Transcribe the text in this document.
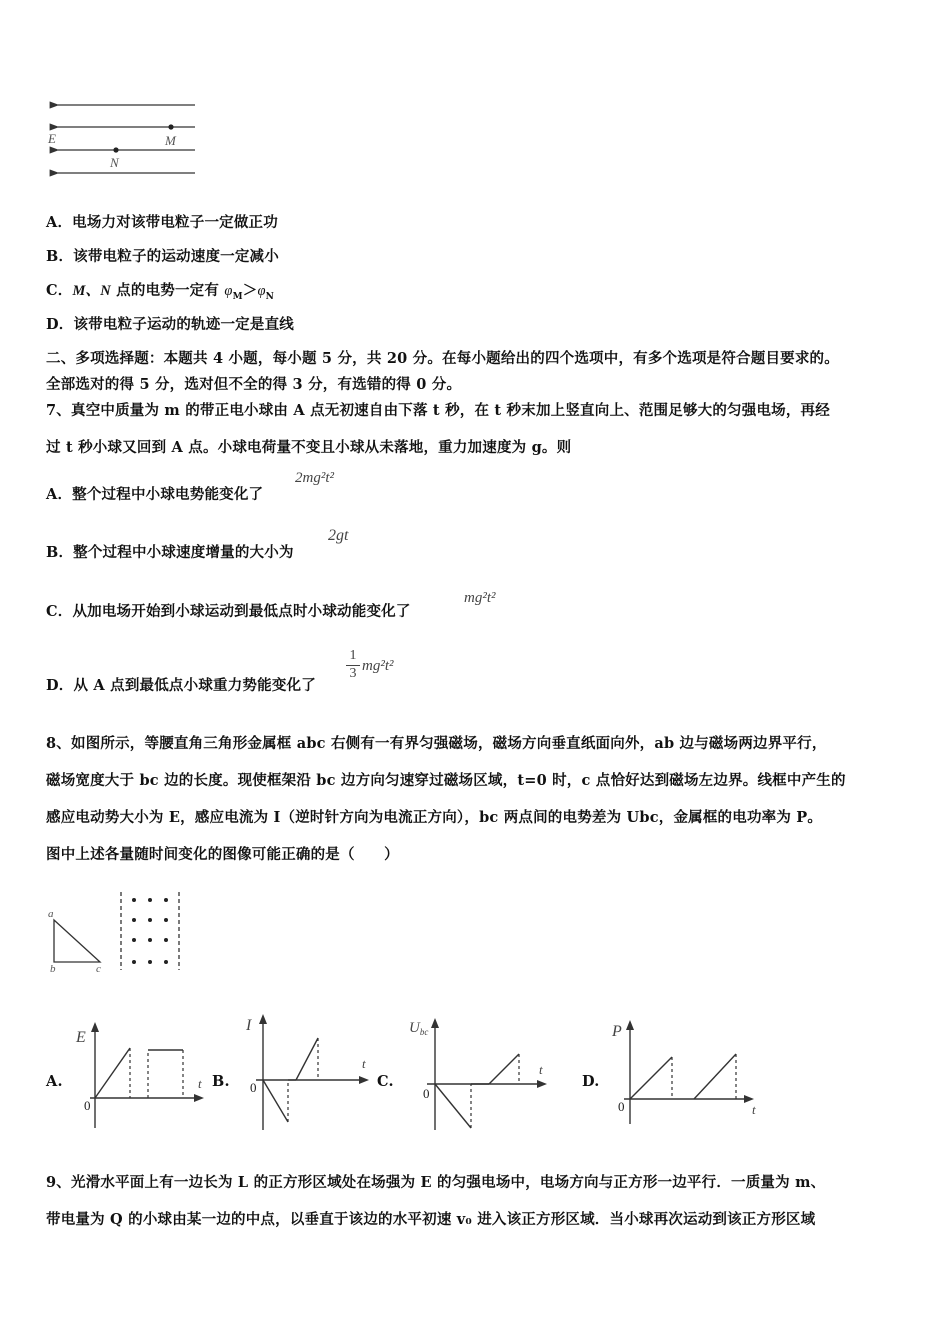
E	M
N
A．电场力对该带电粒子一定做正功
B．该带电粒子的运动速度一定减小
C．M、N 点的电势一定有 $\varphi_M>\varphi_N$
D．该带电粒子运动的轨迹一定是直线
二、多项选择题：本题共 4 小题，每小题 5 分，共 20 分。在每小题给出的四个选项中，有多个选项是符合题目要求的。
全部选对的得 5 分，选对但不全的得 3 分，有选错的得 0 分。
7、真空中质量为 m 的带正电小球由 A 点无初速自由下落 t 秒，在 t 秒末加上竖直向上、范围足够大的匀强电场，再经
过 t 秒小球又回到 A 点。小球电荷量不变且小球从未落地，重力加速度为 g。则
A．整个过程中小球电势能变化了
2mg²t²
B．整个过程中小球速度增量的大小为
2gt
C．从加电场开始到小球运动到最低点时小球动能变化了
mg²t²
D．从 A 点到最低点小球重力势能变化了
$\frac{1}{3} mg^2t^2$
8、如图所示，等腰直角三角形金属框 abc 右侧有一有界匀强磁场，磁场方向垂直纸面向外，ab 边与磁场两边界平行，
磁场宽度大于 bc 边的长度。现使框架沿 bc 边方向匀速穿过磁场区域，t=0 时，c 点恰好达到磁场左边界。线框中产生的
感应电动势大小为 E，感应电流为 I（逆时针方向为电流正方向），bc 两点间的电势差为 Ubc，金属框的电功率为 P。
图中上述各量随时间变化的图像可能正确的是（　　）
a
b	c
A.
E
t
0
B.
I
t
0	C.
$U_{bc}$
t
0
D.
P
t
0
9、光滑水平面上有一边长为 L 的正方形区域处在场强为 E 的匀强电场中，电场方向与正方形一边平行．一质量为 m、
带电量为 Q 的小球由某一边的中点，以垂直于该边的水平初速 v₀ 进入该正方形区域．当小球再次运动到该正方形区域
